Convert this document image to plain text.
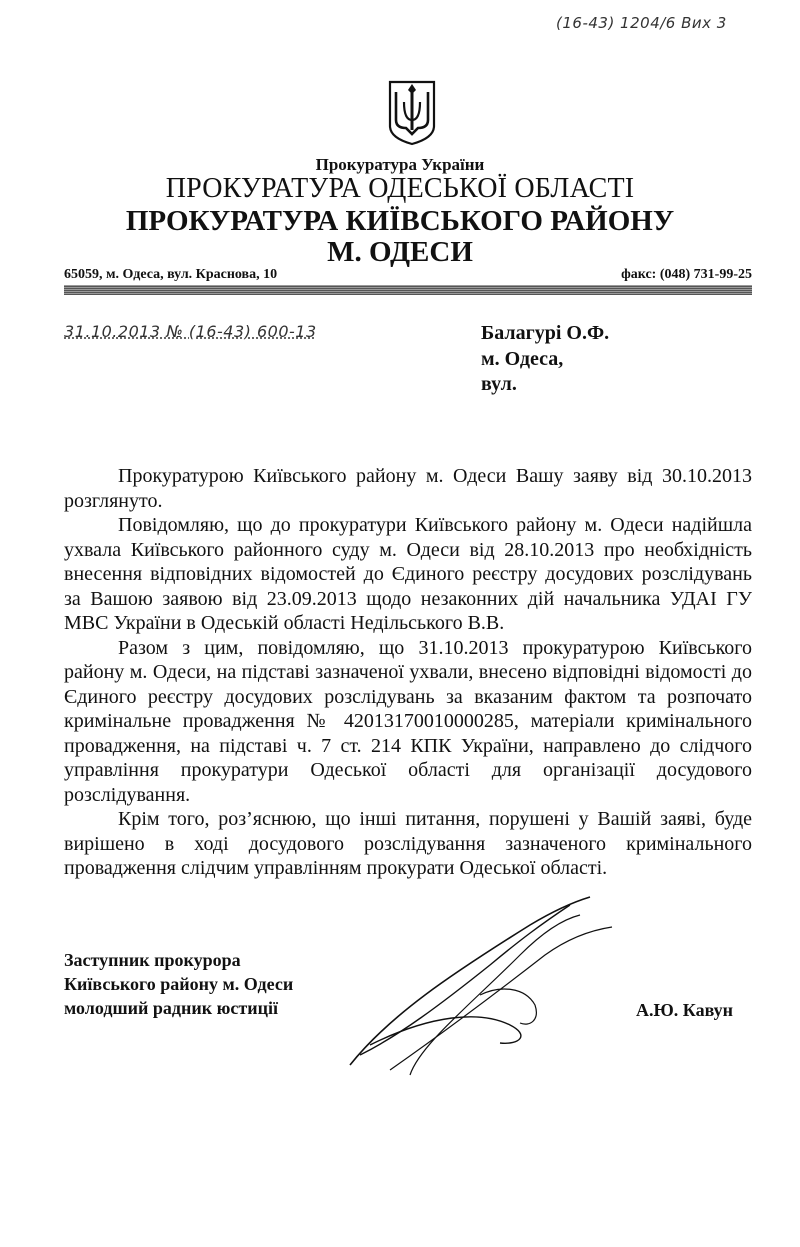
(16-43) 1204/6 Вих 3
Прокуратура України
ПРОКУРАТУРА ОДЕСЬКОЇ ОБЛАСТІ
ПРОКУРАТУРА КИЇВСЬКОГО РАЙОНУ
М. ОДЕСИ
65059, м. Одеса, вул. Краснова, 10	факс: (048) 731-99-25
31.10.2013 № (16-43) 600-13	Балагурі О.Ф.
м. Одеса,
вул.

Прокуратурою Київського району м. Одеси Вашу заяву від 30.10.2013 розглянуто.

Повідомляю, що до прокуратури Київського району м. Одеси надійшла ухвала Київського районного суду м. Одеси від 28.10.2013 про необхідність внесення відповідних відомостей до Єдиного реєстру досудових розслідувань за Вашою заявою від 23.09.2013 щодо незаконних дій начальника УДАІ ГУ МВС України в Одеській області Недільського В.В.

Разом з цим, повідомляю, що 31.10.2013 прокуратурою Київського району м. Одеси, на підставі зазначеної ухвали, внесено відповідні відомості до Єдиного реєстру досудових розслідувань за вказаним фактом та розпочато кримінальне провадження № 42013170010000285, матеріали кримінального провадження, на підставі ч. 7 ст. 214 КПК України, направлено до слідчого управління прокуратури Одеської області для організації досудового розслідування.

Крім того, роз’яснюю, що інші питання, порушені у Вашій заяві, буде вирішено в ході досудового розслідування зазначеного кримінального провадження слідчим управлінням прокурати Одеської області.

Заступник прокурора
Київського району м. Одеси
молодший радник юстиції	А.Ю. Кавун
